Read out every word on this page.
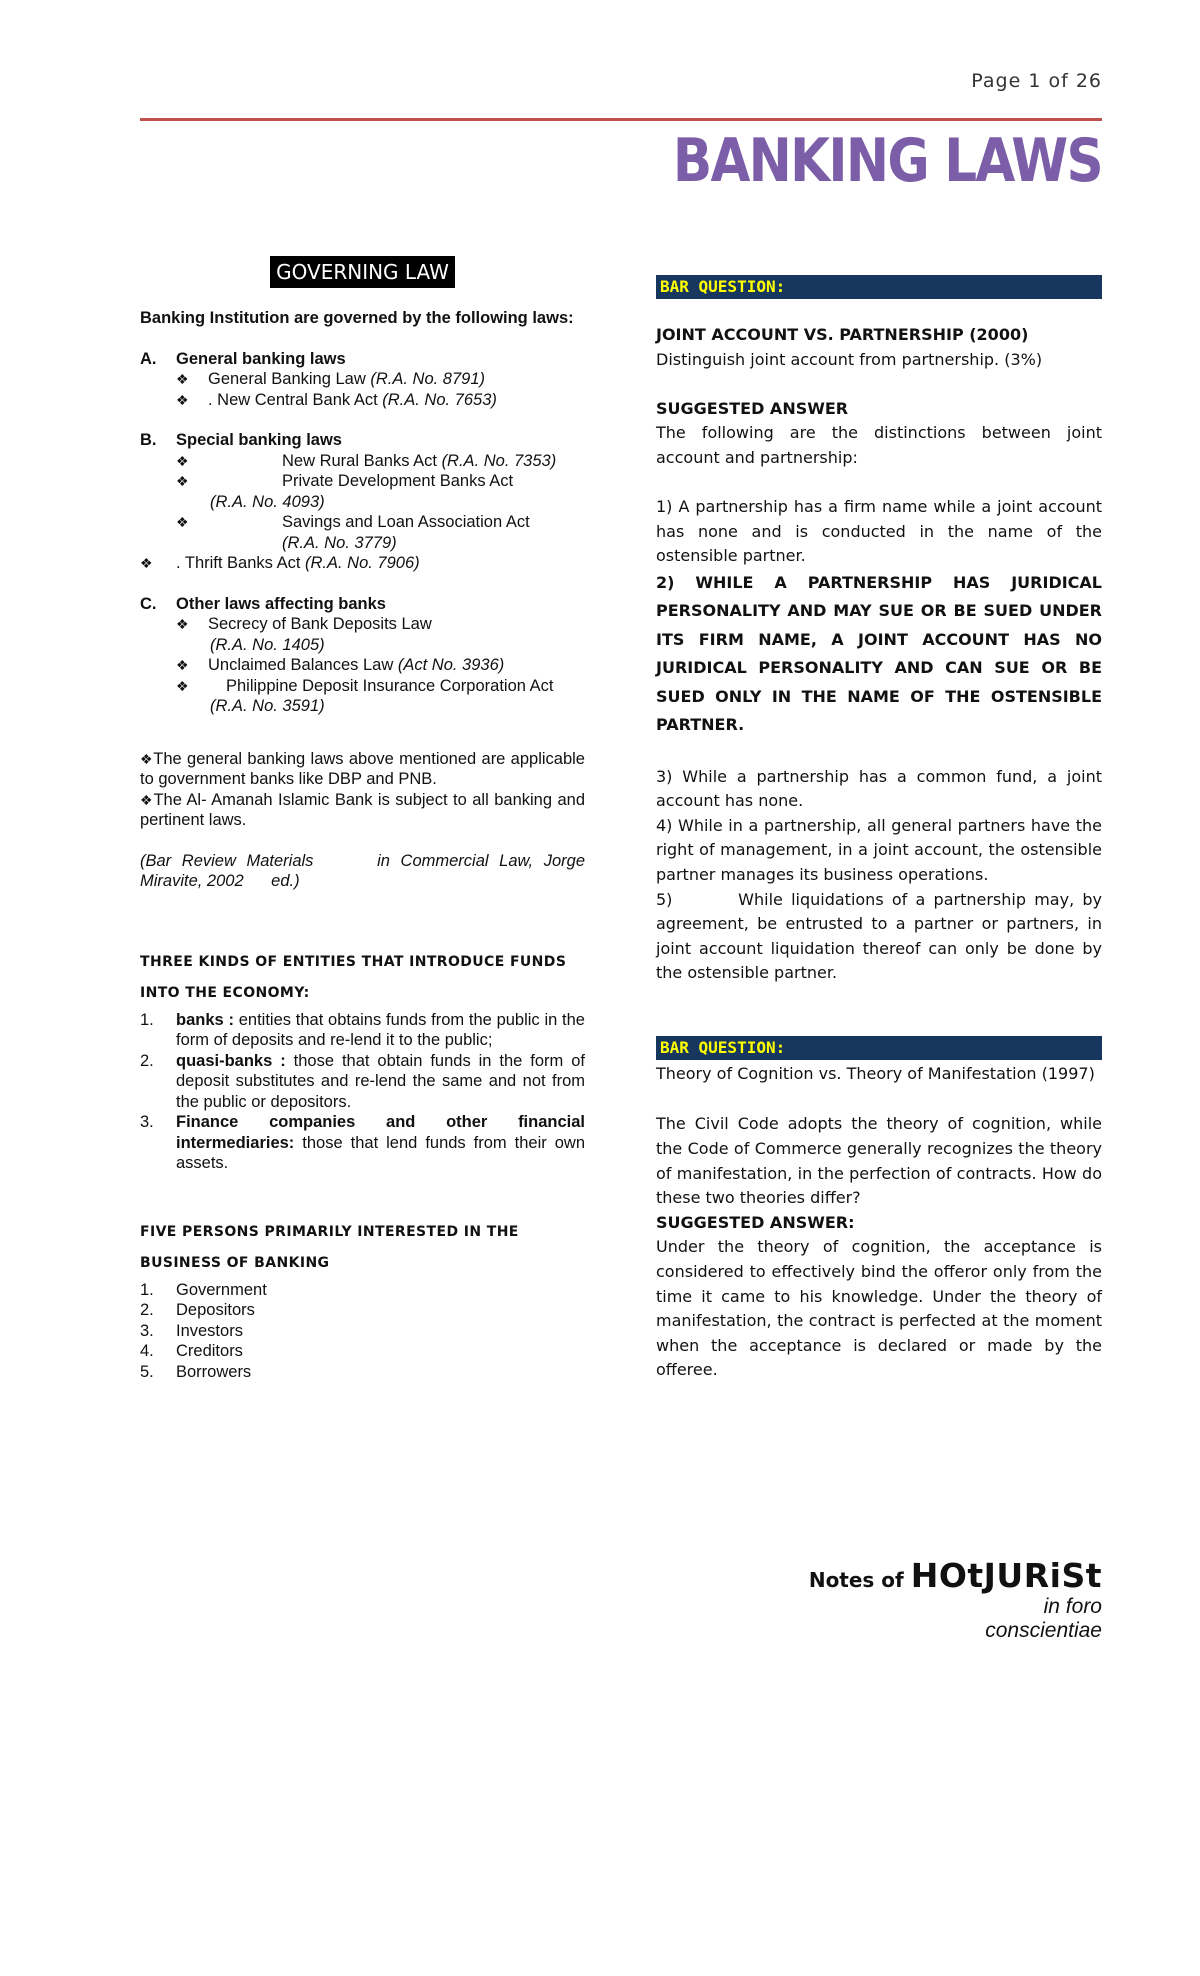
Page 1 of 26
BANKING LAWS
GOVERNING LAW
Banking Institution are governed by the following laws:
A. General banking laws
❖ General Banking Law (R.A. No. 8791)
❖ . New Central Bank Act (R.A. No. 7653)
B. Special banking laws
❖	New Rural Banks Act (R.A. No. 7353)
❖	Private Development Banks Act
(R.A. No. 4093)
❖	Savings and Loan Association Act
(R.A. No. 3779)
❖ . Thrift Banks Act (R.A. No. 7906)
C. Other laws affecting banks
❖ Secrecy of Bank Deposits Law
(R.A. No. 1405)
❖ Unclaimed Balances Law (Act No. 3936)
❖ Philippine Deposit Insurance Corporation Act
(R.A. No. 3591)
❖The general banking laws above mentioned are applicable to government banks like DBP and PNB.
❖The Al- Amanah Islamic Bank is subject to all banking and pertinent laws.
(Bar Review Materials      in Commercial Law, Jorge Miravite, 2002      ed.)
THREE KINDS OF ENTITIES THAT INTRODUCE FUNDS
INTO THE ECONOMY:
1. banks : entities that obtains funds from the public in the form of deposits and re-lend it to the public;
2. quasi-banks : those that obtain funds in the form of deposit substitutes and re-lend the same and not from the public or depositors.
3. Finance companies and other financial intermediaries: those that lend funds from their own assets.
FIVE PERSONS PRIMARILY INTERESTED IN THE
BUSINESS OF BANKING
1. Government
2. Depositors
3. Investors
4. Creditors
5. Borrowers
BAR QUESTION:
JOINT ACCOUNT VS. PARTNERSHIP (2000)
Distinguish joint account from partnership. (3%)
SUGGESTED ANSWER
The following are the distinctions between joint account and partnership:
1) A partnership has a firm name while a joint account has none and is conducted in the name of the ostensible partner.
2) WHILE A PARTNERSHIP HAS JURIDICAL PERSONALITY AND MAY SUE OR BE SUED UNDER ITS FIRM NAME, A JOINT ACCOUNT HAS NO JURIDICAL PERSONALITY AND CAN SUE OR BE SUED ONLY IN THE NAME OF THE OSTENSIBLE PARTNER.
3) While a partnership has a common fund, a joint account has none.
4) While in a partnership, all general partners have the right of management, in a joint account, the ostensible partner manages its business operations.
5)        While liquidations of a partnership may, by agreement, be entrusted to a partner or partners, in joint account liquidation thereof can only be done by the ostensible partner.
BAR QUESTION:
Theory of Cognition vs. Theory of Manifestation (1997)
The Civil Code adopts the theory of cognition, while the Code of Commerce generally recognizes the theory of manifestation, in the perfection of contracts. How do these two theories differ?
SUGGESTED ANSWER:
Under the theory of cognition, the acceptance is considered to effectively bind the offeror only from the time it came to his knowledge. Under the theory of manifestation, the contract is perfected at the moment when the acceptance is declared or made by the offeree.
Notes of HOtJURiSt
in foro
conscientiae
